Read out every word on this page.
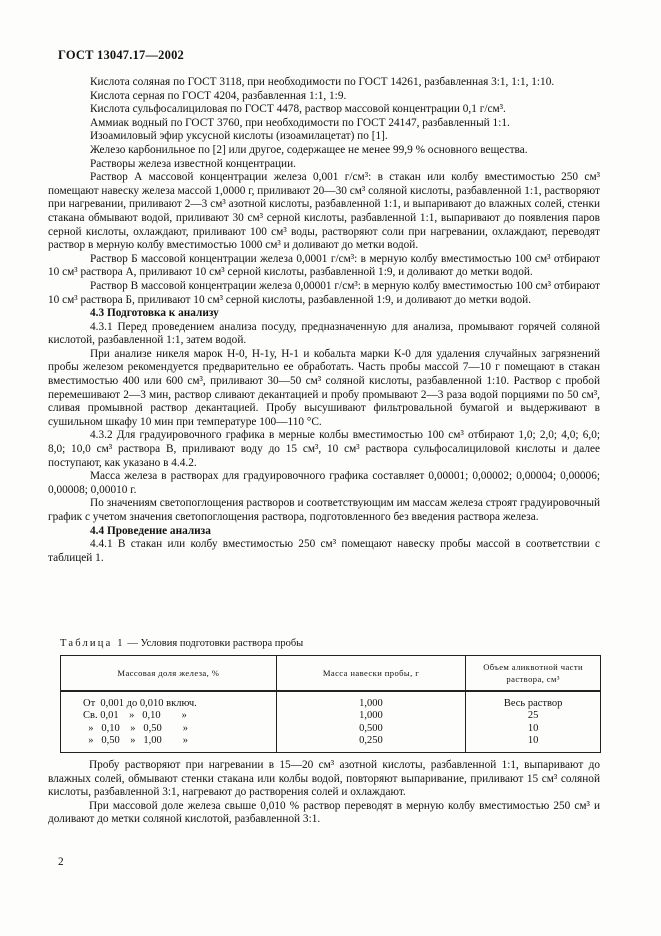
ГОСТ 13047.17—2002

Кислота соляная по ГОСТ 3118, при необходимости по ГОСТ 14261, разбавленная 3:1, 1:1, 1:10.

Кислота серная по ГОСТ 4204, разбавленная 1:1, 1:9.

Кислота сульфосалициловая по ГОСТ 4478, раствор массовой концентрации 0,1 г/см³.

Аммиак водный по ГОСТ 3760, при необходимости по ГОСТ 24147, разбавленный 1:1.

Изоамиловый эфир уксусной кислоты (изоамилацетат) по [1].

Железо карбонильное по [2] или другое, содержащее не менее 99,9 % основного вещества.

Растворы железа известной концентрации.

Раствор А массовой концентрации железа 0,001 г/см³: в стакан или колбу вместимостью 250 см³ помещают навеску железа массой 1,0000 г, приливают 20—30 см³ соляной кислоты, разбавленной 1:1, растворяют при нагревании, приливают 2—3 см³ азотной кислоты, разбавленной 1:1, и выпаривают до влажных солей, стенки стакана обмывают водой, приливают 30 см³ серной кислоты, разбавленной 1:1, выпаривают до появления паров серной кислоты, охлаждают, приливают 100 см³ воды, растворяют соли при нагревании, охлаждают, переводят раствор в мерную колбу вместимостью 1000 см³ и доливают до метки водой.

Раствор Б массовой концентрации железа 0,0001 г/см³: в мерную колбу вместимостью 100 см³ отбирают 10 см³ раствора А, приливают 10 см³ серной кислоты, разбавленной 1:9, и доливают до метки водой.

Раствор В массовой концентрации железа 0,00001 г/см³: в мерную колбу вместимостью 100 см³ отбирают 10 см³ раствора Б, приливают 10 см³ серной кислоты, разбавленной 1:9, и доливают до метки водой.

4.3 Подготовка к анализу

4.3.1 Перед проведением анализа посуду, предназначенную для анализа, промывают горячей соляной кислотой, разбавленной 1:1, затем водой.

При анализе никеля марок Н-0, Н-1у, Н-1 и кобальта марки К-0 для удаления случайных загрязнений пробы железом рекомендуется предварительно ее обработать. Часть пробы массой 7—10 г помещают в стакан вместимостью 400 или 600 см³, приливают 30—50 см³ соляной кислоты, разбавленной 1:10. Раствор с пробой перемешивают 2—3 мин, раствор сливают декантацией и пробу промывают 2—3 раза водой порциями по 50 см³, сливая промывной раствор декантацией. Пробу высушивают фильтровальной бумагой и выдерживают в сушильном шкафу 10 мин при температуре 100—110 °С.

4.3.2 Для градуировочного графика в мерные колбы вместимостью 100 см³ отбирают 1,0; 2,0; 4,0; 6,0; 8,0; 10,0 см³ раствора В, приливают воду до 15 см³, 10 см³ раствора сульфосалициловой кислоты и далее поступают, как указано в 4.4.2.

Масса железа в растворах для градуировочного графика составляет 0,00001; 0,00002; 0,00004; 0,00006; 0,00008; 0,00010 г.

По значениям светопоглощения растворов и соответствующим им массам железа строят градуировочный график с учетом значения светопоглощения раствора, подготовленного без введения раствора железа.

4.4 Проведение анализа

4.4.1 В стакан или колбу вместимостью 250 см³ помещают навеску пробы массой в соответствии с таблицей 1.

Таблица 1 — Условия подготовки раствора пробы
Массовая доля железа, %	Масса навески пробы, г	Объем аликвотной части раствора, см³
От  0,001 до 0,010 включ.	1,000	Весь раствор
Св. 0,01    »   0,10        »	1,000	25
»   0,10    »   0,50        »	0,500	10
»   0,50    »   1,00        »	0,250	10

Пробу растворяют при нагревании в 15—20 см³ азотной кислоты, разбавленной 1:1, выпаривают до влажных солей, обмывают стенки стакана или колбы водой, повторяют выпаривание, приливают 15 см³ соляной кислоты, разбавленной 3:1, нагревают до растворения солей и охлаждают.

При массовой доле железа свыше 0,010 % раствор переводят в мерную колбу вместимостью 250 см³ и доливают до метки соляной кислотой, разбавленной 3:1.

2
